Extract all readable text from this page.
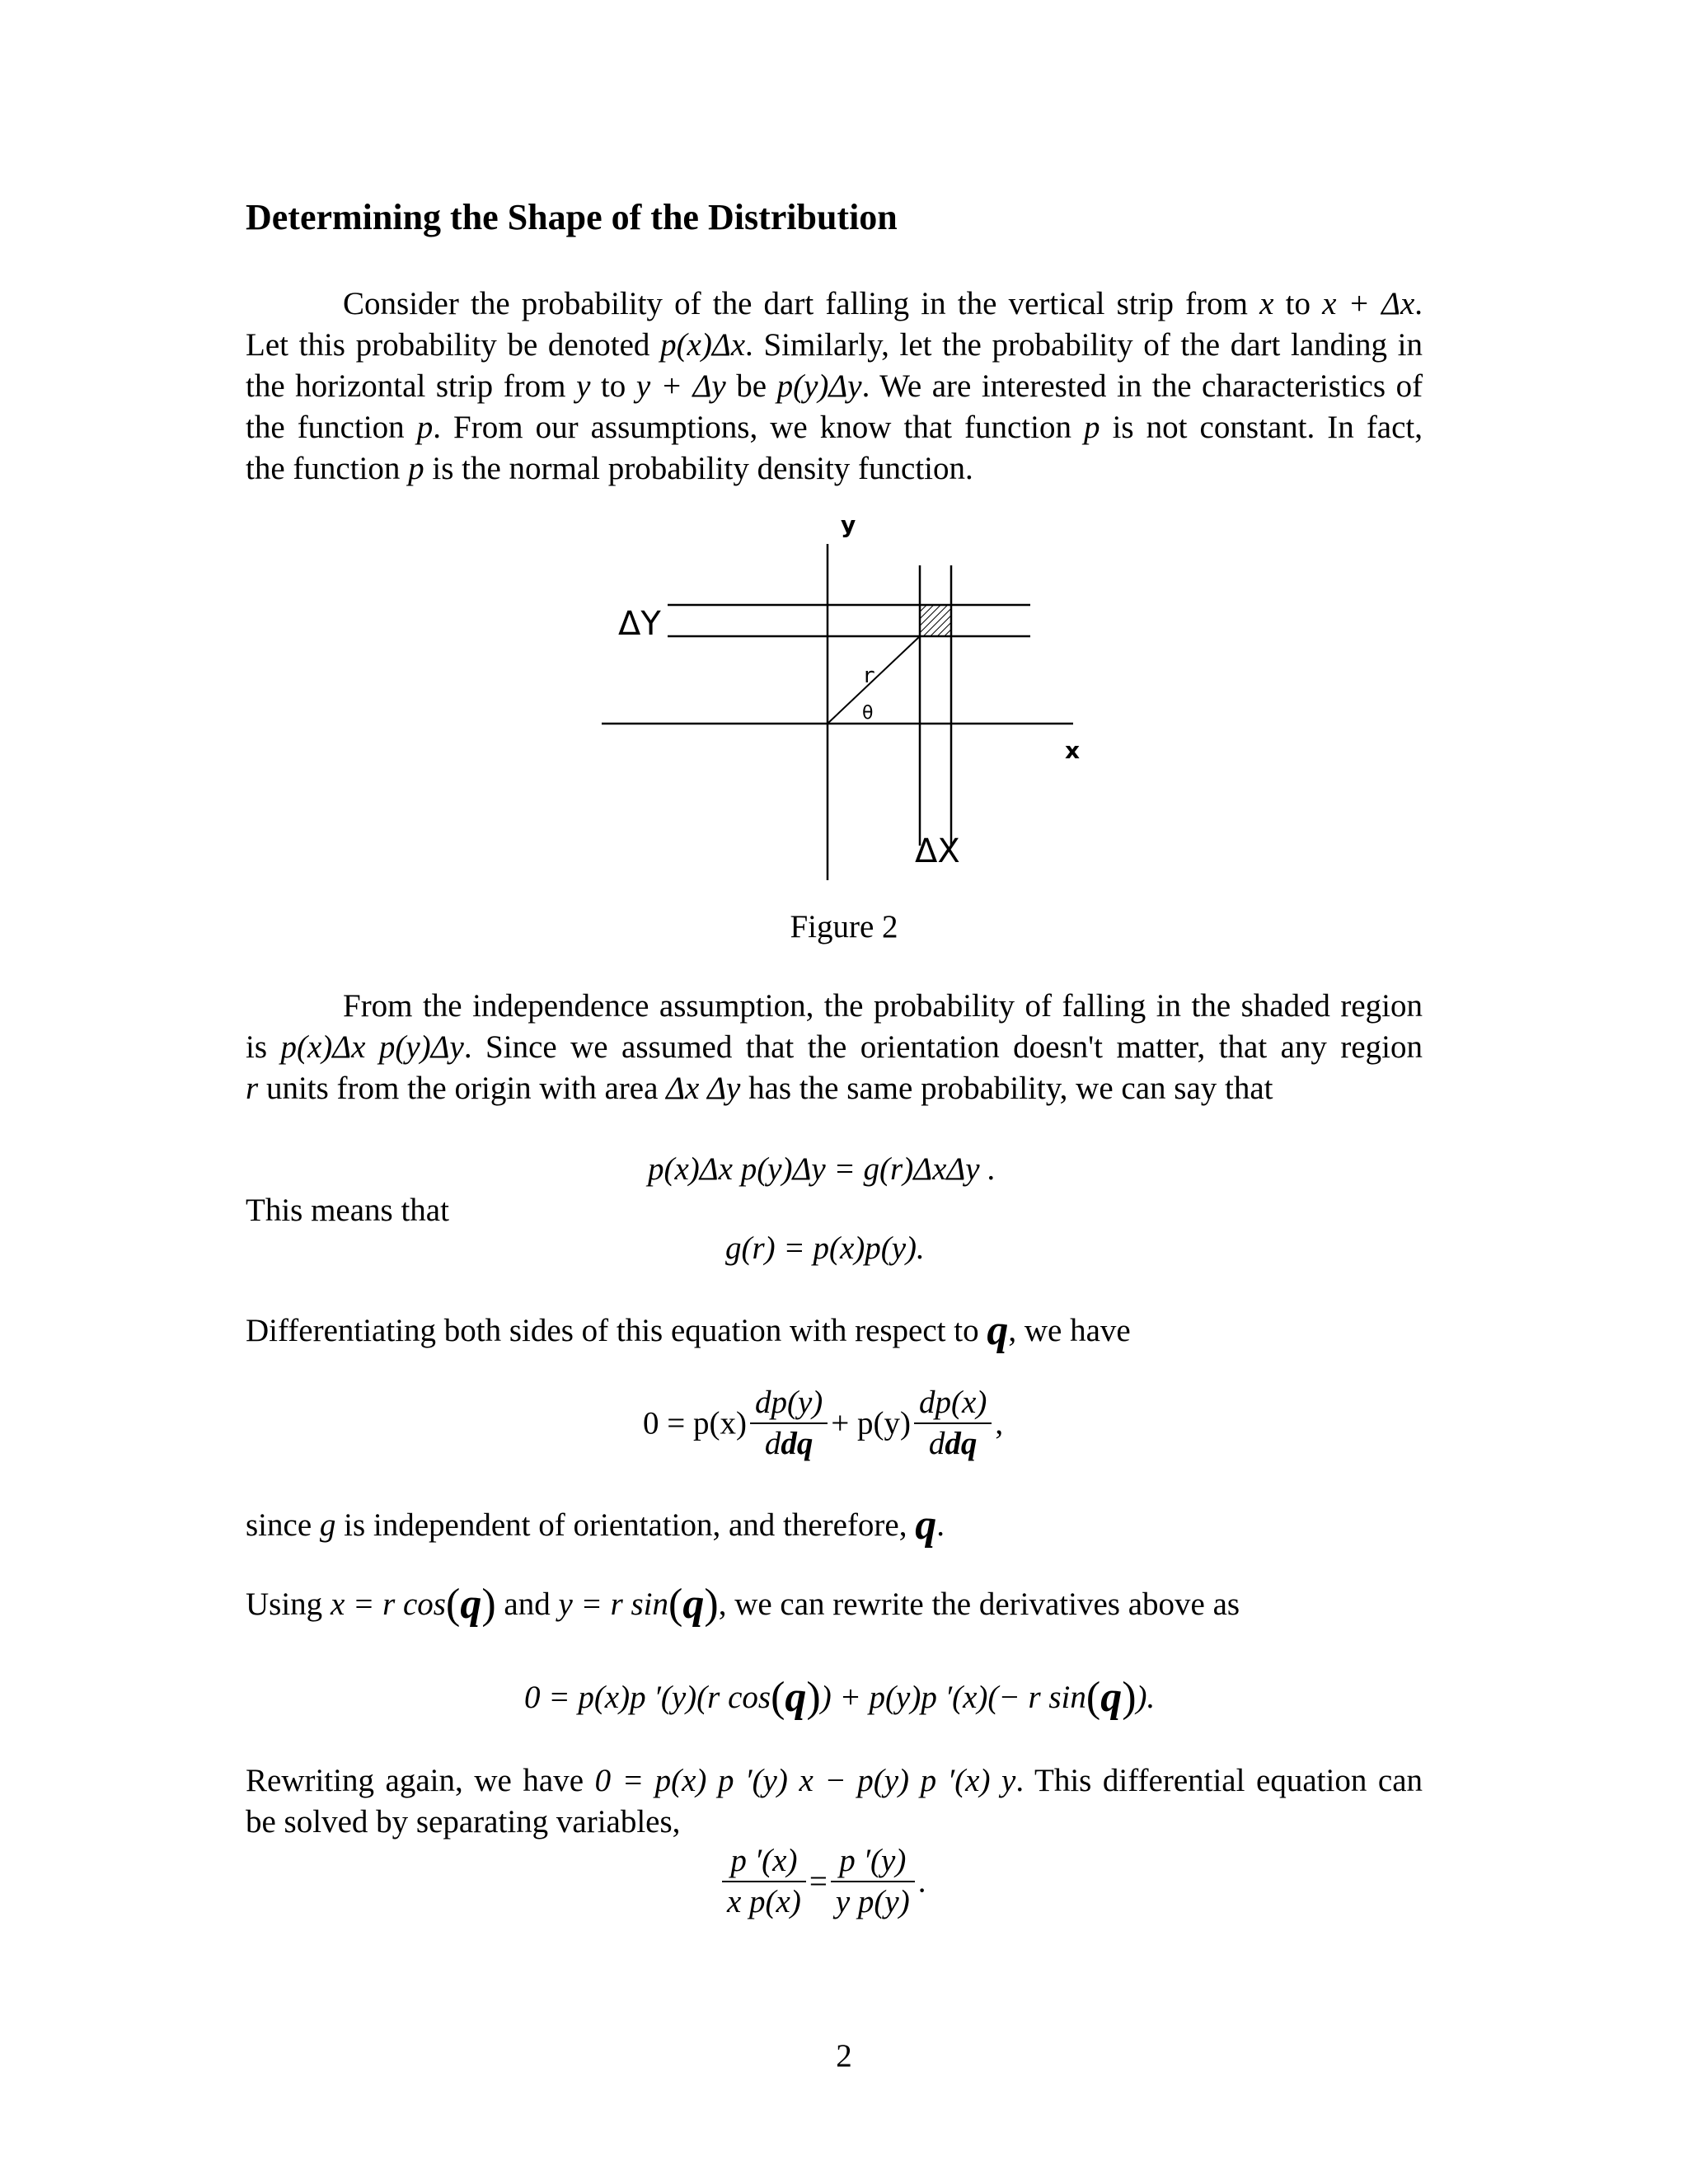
Determining the Shape of the Distribution
Consider the probability of the dart falling in the vertical strip from x to x + Δx.
Let this probability be denoted p(x)Δx. Similarly, let the probability of the dart landing in
the horizontal strip from y to y + Δy be p(y)Δy. We are interested in the characteristics of
the function p. From our assumptions, we know that function p is not constant. In fact,
the function p is the normal probability density function.
y
x
ΔY
ΔX
r
θ
Figure 2
From the independence assumption, the probability of falling in the shaded region
is p(x)Δx p(y)Δy. Since we assumed that the orientation doesn't matter, that any region
r units from the origin with area Δx Δy has the same probability, we can say that
p(x)Δx p(y)Δy = g(r)ΔxΔy .
This means that
g(r) = p(x)p(y).
Differentiating both sides of this equation with respect to q, we have
$0 = p(x) \frac{dp(y)}{\text{ddq}} + p(y) \frac{dp(x)}{\text{ddq}}$ ,
since g is independent of orientation, and therefore, q.
Using x = r cos(q) and y = r sin(q), we can rewrite the derivatives above as
0 = p(x)p ′(y)(r cos(q)) + p(y)p ′(x)(− r sin(q)).
Rewriting again, we have 0 = p(x) p ′(y) x − p(y) p ′(x) y. This differential equation can
be solved by separating variables,
$\frac{p '(x)}{\text{x p(x)}} = \frac{p '(y)}{\text{y p(y)}}$ .
2
